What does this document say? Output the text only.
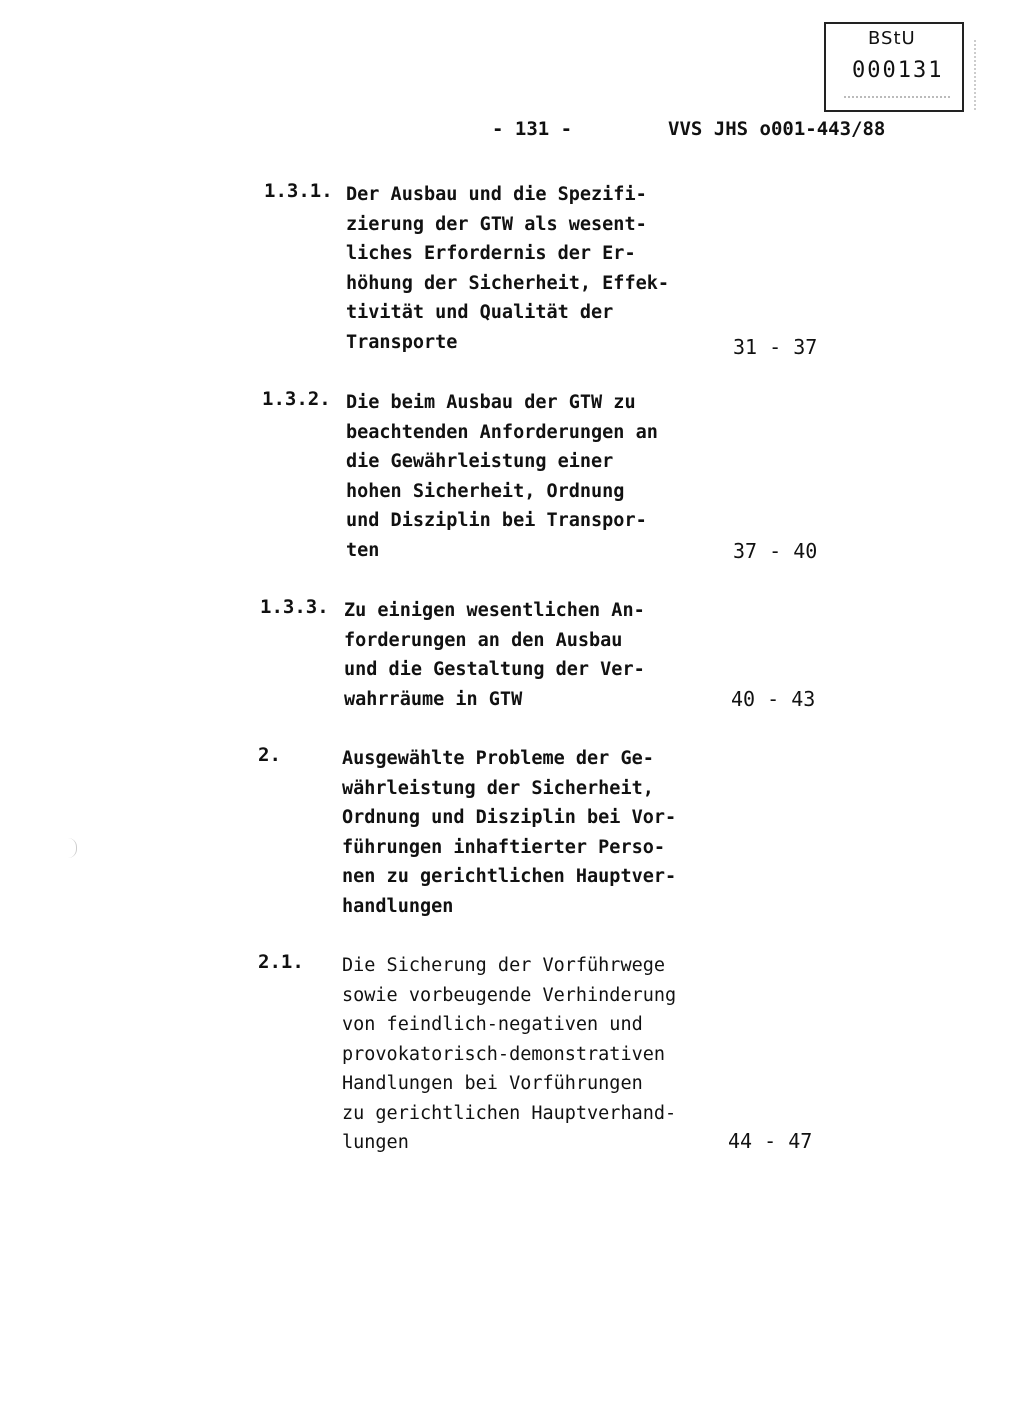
BStU
000131
- 131 -	VVS JHS o001-443/88
1.3.1. Der Ausbau und die Spezifi-
zierung der GTW als wesent-
liches Erfordernis der Er-
höhung der Sicherheit, Effek-
tivität und Qualität der
Transporte	31 - 37
1.3.2. Die beim Ausbau der GTW zu
beachtenden Anforderungen an
die Gewährleistung einer
hohen Sicherheit, Ordnung
und Disziplin bei Transpor-
ten	37 - 40
1.3.3. Zu einigen wesentlichen An-
forderungen an den Ausbau
und die Gestaltung der Ver-
wahrräume in GTW	40 - 43
2.	Ausgewählte Probleme der Ge-
währleistung der Sicherheit,
Ordnung und Disziplin bei Vor-
führungen inhaftierter Perso-
nen zu gerichtlichen Hauptver-
handlungen
2.1. Die Sicherung der Vorführwege
sowie vorbeugende Verhinderung
von feindlich-negativen und
provokatorisch-demonstrativen
Handlungen bei Vorführungen
zu gerichtlichen Hauptverhand-
lungen	44 - 47
